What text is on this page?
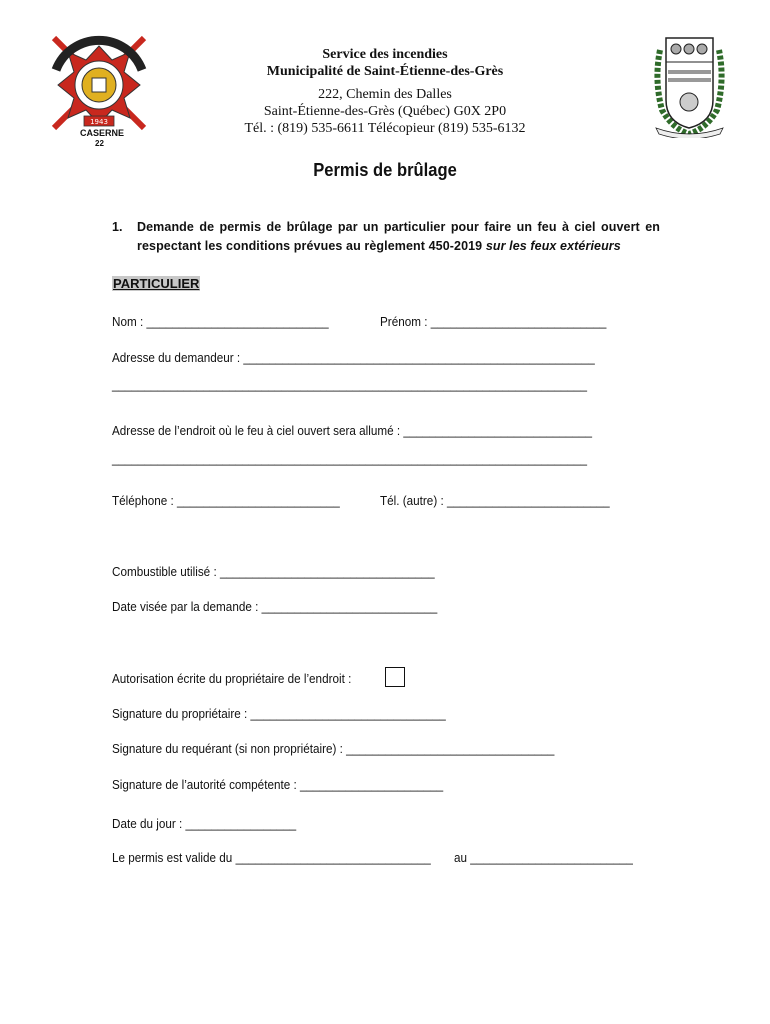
1943
CASERNE
22
Service des incendies
Municipalité de Saint-Étienne-des-Grès
222, Chemin des Dalles
Saint-Étienne-des-Grès (Québec) G0X 2P0
Tél. : (819) 535-6611 Télécopieur (819) 535-6132
Permis de brûlage
1. Demande de permis de brûlage par un particulier pour faire un feu à ciel ouvert en respectant les conditions prévues au règlement 450-2019 sur les feux extérieurs
PARTICULIER
Nom : ____________________________	Prénom : ___________________________
Adresse du demandeur : ______________________________________________________
_________________________________________________________________________
Adresse de l’endroit où le feu à ciel ouvert sera allumé : _____________________________
_________________________________________________________________________
Téléphone : _________________________	Tél. (autre) : _________________________
Combustible utilisé : _________________________________
Date visée par la demande : ___________________________
Autorisation écrite du propriétaire de l’endroit :
Signature du propriétaire : ______________________________
Signature du requérant (si non propriétaire) : ________________________________
Signature de l’autorité compétente : ______________________
Date du jour : _________________
Le permis est valide du ______________________________ au _________________________
